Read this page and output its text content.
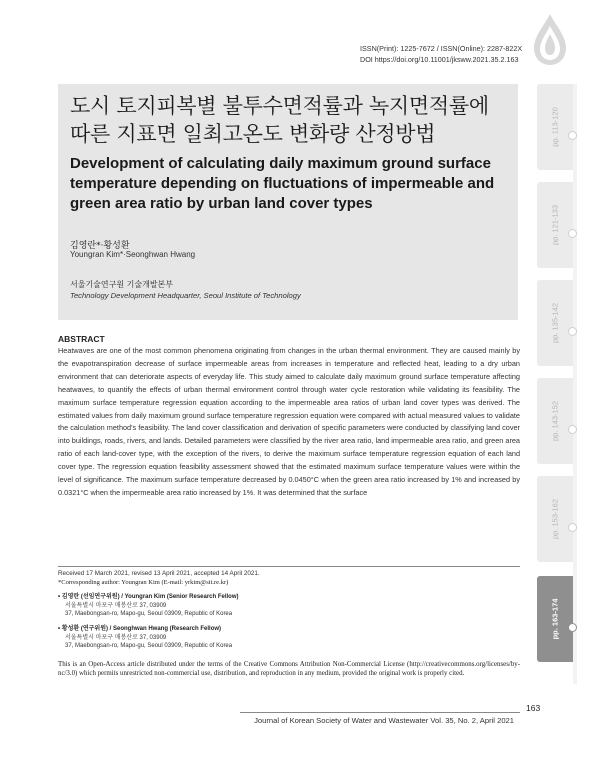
ISSN(Print): 1225-7672 / ISSN(Online): 2287-822X
DOI https://doi.org/10.11001/jksww.2021.35.2.163
도시 토지피복별 불투수면적률과 녹지면적률에
따른 지표면 일최고온도 변화량 산정방법
Development of calculating daily maximum ground surface temperature depending on fluctuations of impermeable and green area ratio by urban land cover types
김영란*·황성환
Youngran Kim*·Seonghwan Hwang
서울기술연구원 기술개발본부
Technology Development Headquarter, Seoul Institute of Technology
ABSTRACT
Heatwaves are one of the most common phenomena originating from changes in the urban thermal environment. They are caused mainly by the evapotranspiration decrease of surface impermeable areas from increases in temperature and reflected heat, leading to a dry urban environment that can deteriorate aspects of everyday life. This study aimed to calculate daily maximum ground surface temperature affecting heatwaves, to quantify the effects of urban thermal environment control through water cycle restoration while validating its feasibility. The maximum surface temperature regression equation according to the impermeable area ratios of urban land cover types was derived. The estimated values from daily maximum ground surface temperature regression equation were compared with actual measured values to validate the calculation method's feasibility. The land cover classification and derivation of specific parameters were conducted by classifying land cover into buildings, roads, rivers, and lands. Detailed parameters were classified by the river area ratio, land impermeable area ratio, and green area ratio of each land-cover type, with the exception of the rivers, to derive the maximum surface temperature regression equation of each land cover type. The regression equation feasibility assessment showed that the estimated maximum surface temperature values were within the level of significance. The maximum surface temperature decreased by 0.0450°C when the green area ratio increased by 1% and increased by 0.0321°C when the impermeable area ratio increased by 1%. It was determined that the surface
Received 17 March 2021, revised 13 April 2021, accepted 14 April 2021.
*Corresponding author: Youngran Kim (E-mail: yrkim@sit.re.kr)
• 김영란 (선임연구위원) / Youngran Kim (Senior Research Fellow)
서울특별시 마포구 매봉산로 37, 03909
37, Maebongsan-ro, Mapo-gu, Seoul 03909, Republic of Korea
• 황성환 (연구위원) / Seonghwan Hwang (Research Fellow)
서울특별시 마포구 매봉산로 37, 03909
37, Maebongsan-ro, Mapo-gu, Seoul 03909, Republic of Korea
This is an Open-Access article distributed under the terms of the Creative Commons Attribution Non-Commercial License (http://creativecommons.org/licenses/by-nc/3.0) which permits unrestricted non-commercial use, distribution, and reproduction in any medium, provided the original work is properly cited.
163
Journal of Korean Society of Water and Wastewater Vol. 35, No. 2, April 2021
pp. 113-120
pp. 121-133
pp. 135-142
pp. 143-152
pp. 153-162
pp. 163-174
